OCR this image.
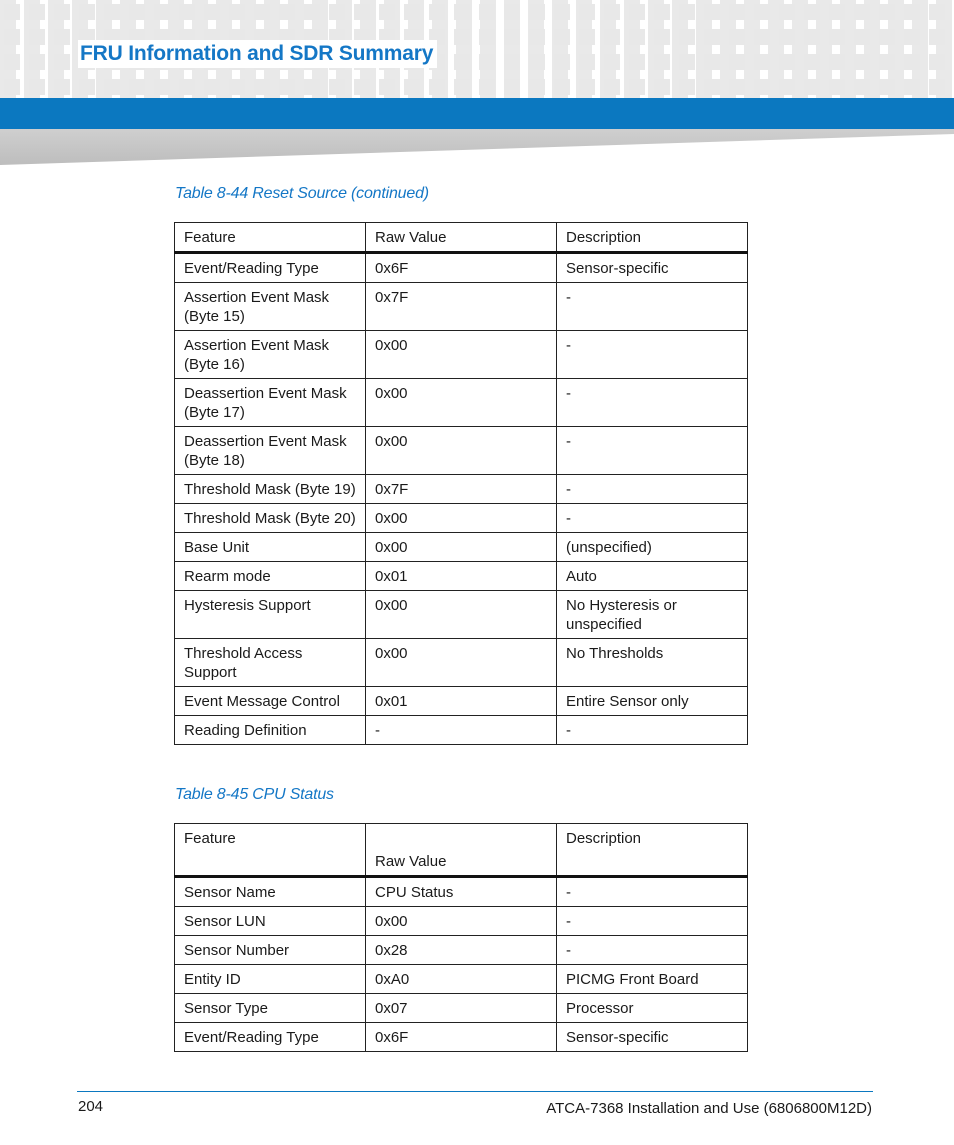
FRU Information and SDR Summary
Table 8-44 Reset Source (continued)
Feature	Raw Value	Description
Event/Reading Type	0x6F	Sensor-specific
Assertion Event Mask (Byte 15)	0x7F	-
Assertion Event Mask (Byte 16)	0x00	-
Deassertion Event Mask (Byte 17)	0x00	-
Deassertion Event Mask (Byte 18)	0x00	-
Threshold Mask (Byte 19)	0x7F	-
Threshold Mask (Byte 20)	0x00	-
Base Unit	0x00	(unspecified)
Rearm mode	0x01	Auto
Hysteresis Support	0x00	No Hysteresis or unspecified
Threshold Access Support	0x00	No Thresholds
Event Message Control	0x01	Entire Sensor only
Reading Definition	-	-
Table 8-45 CPU Status
Feature	Raw Value	Description
Sensor Name	CPU Status	-
Sensor LUN	0x00	-
Sensor Number	0x28	-
Entity ID	0xA0	PICMG Front Board
Sensor Type	0x07	Processor
Event/Reading Type	0x6F	Sensor-specific
204	ATCA-7368 Installation and Use (6806800M12D)
